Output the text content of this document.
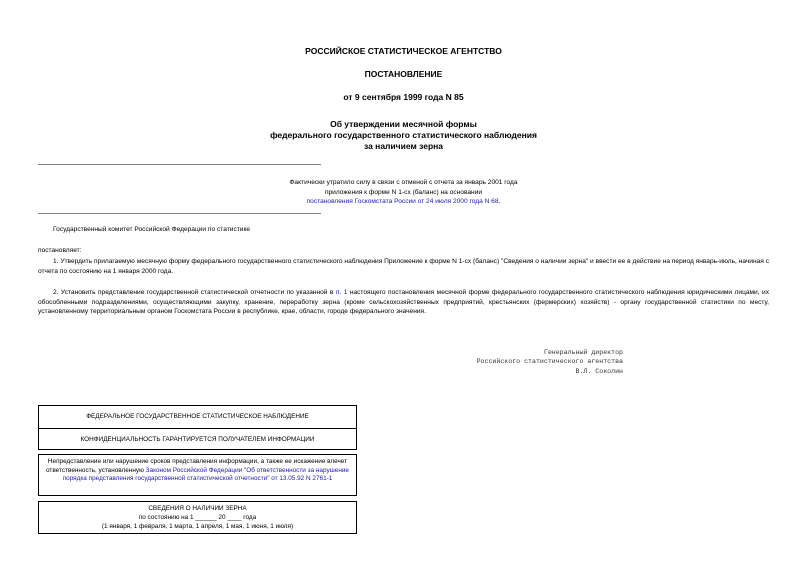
РОССИЙСКОЕ СТАТИСТИЧЕСКОЕ АГЕНТСТВО
ПОСТАНОВЛЕНИЕ
от 9 сентября 1999 года N 85
Об утверждении месячной формы
федерального государственного статистического наблюдения
за наличием зерна
Фактически утратило силу в связи с отменой с отчета за январь 2001 года
приложения к форме N 1-сх (баланс) на основании
постановления Госкомстата России от 24 июля 2000 года N 68.
Государственный комитет Российской Федерации по статистике
постановляет:

1. Утвердить прилагаемую месячную форму федерального государственного статистического наблюдения Приложение к форме N 1-сх (баланс) "Сведения о наличии зерна" и ввести ее в действие на период январь-июль, начиная с отчета по состоянию на 1 января 2000 года.

2. Установить представление государственной статистической отчетности по указанной в п. 1 настоящего постановления месячной форме федерального государственного статистического наблюдения юридическими лицами, их обособленными подразделениями, осуществляющими закупку, хранение, переработку зерна (кроме сельскохозяйственных предприятий, крестьянских (фермерских) хозяйств) - органу государственной статистики по месту, установленному территориальным органом Госкомстата России в республике, крае, области, городе федерального значения.

Генеральный директор
Российского статистического агентства
В.Л. Соколин
ФЕДЕРАЛЬНОЕ ГОСУДАРСТВЕННОЕ СТАТИСТИЧЕСКОЕ НАБЛЮДЕНИЕ
КОНФИДЕНЦИАЛЬНОСТЬ ГАРАНТИРУЕТСЯ ПОЛУЧАТЕЛЕМ ИНФОРМАЦИИ
Непредставление или нарушение сроков представления информации, а также ее искажение влечет ответственность, установленную Законом Российской Федерации "Об ответственности за нарушение порядка представления государственной статистической отчетности" от 13.05.92 N 2761-1
СВЕДЕНИЯ О НАЛИЧИИ ЗЕРНА
по состоянию на 1 ______ 20 ____ года
(1 января, 1 февраля, 1 марта, 1 апреля, 1 мая, 1 июня, 1 июля)
